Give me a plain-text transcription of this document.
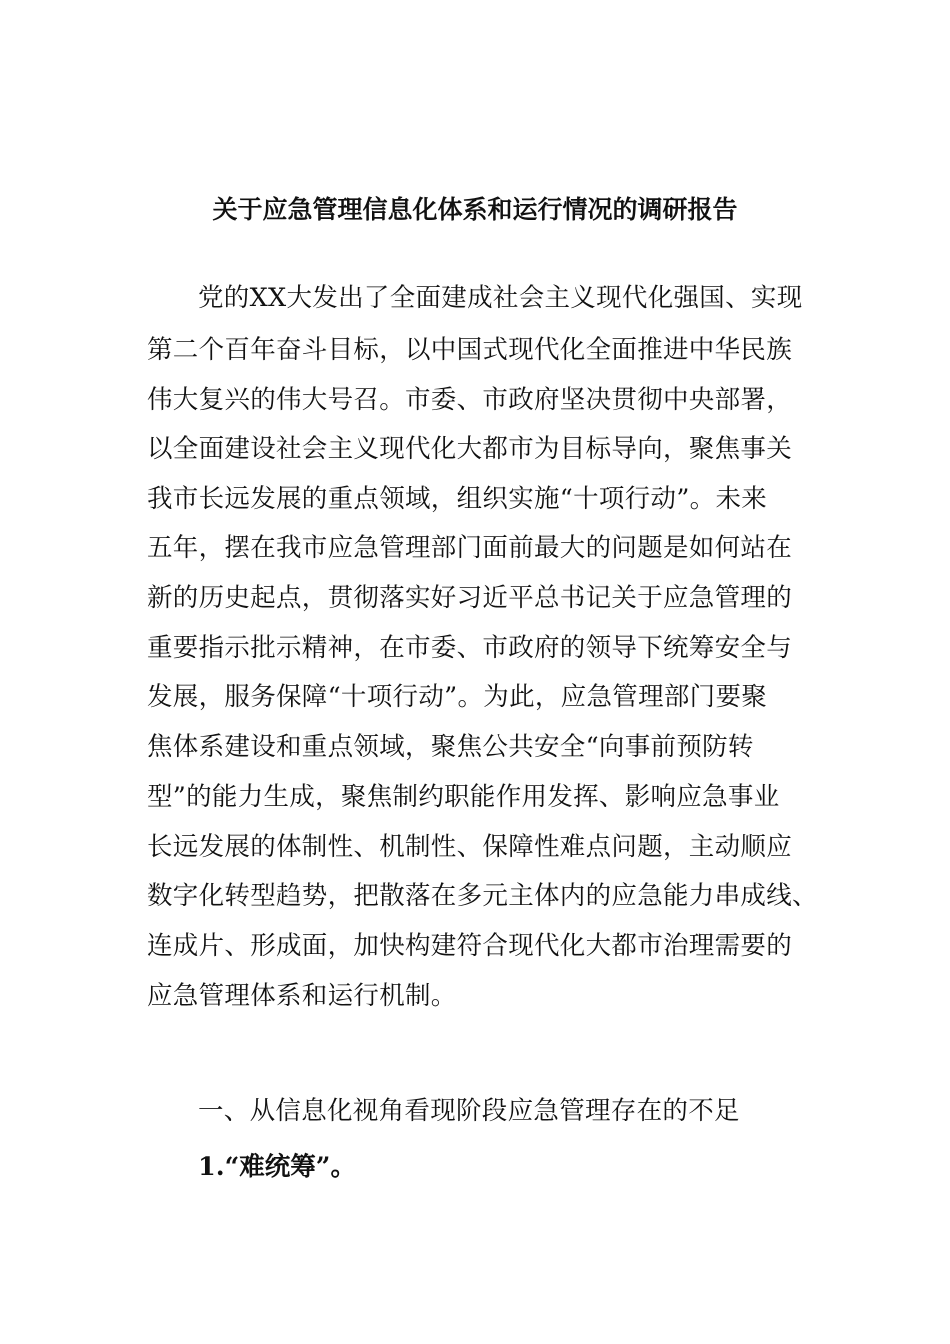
关于应急管理信息化体系和运行情况的调研报告
党的XX大发出了全面建成社会主义现代化强国、实现
第二个百年奋斗目标，以中国式现代化全面推进中华民族
伟大复兴的伟大号召。市委、市政府坚决贯彻中央部署，
以全面建设社会主义现代化大都市为目标导向，聚焦事关
我市长远发展的重点领域，组织实施“十项行动”。未来
五年，摆在我市应急管理部门面前最大的问题是如何站在
新的历史起点，贯彻落实好习近平总书记关于应急管理的
重要指示批示精神，在市委、市政府的领导下统筹安全与
发展，服务保障“十项行动”。为此，应急管理部门要聚
焦体系建设和重点领域，聚焦公共安全“向事前预防转
型”的能力生成，聚焦制约职能作用发挥、影响应急事业
长远发展的体制性、机制性、保障性难点问题，主动顺应
数字化转型趋势，把散落在多元主体内的应急能力串成线、
连成片、形成面，加快构建符合现代化大都市治理需要的
应急管理体系和运行机制。
一、从信息化视角看现阶段应急管理存在的不足
1.“难统筹”。
